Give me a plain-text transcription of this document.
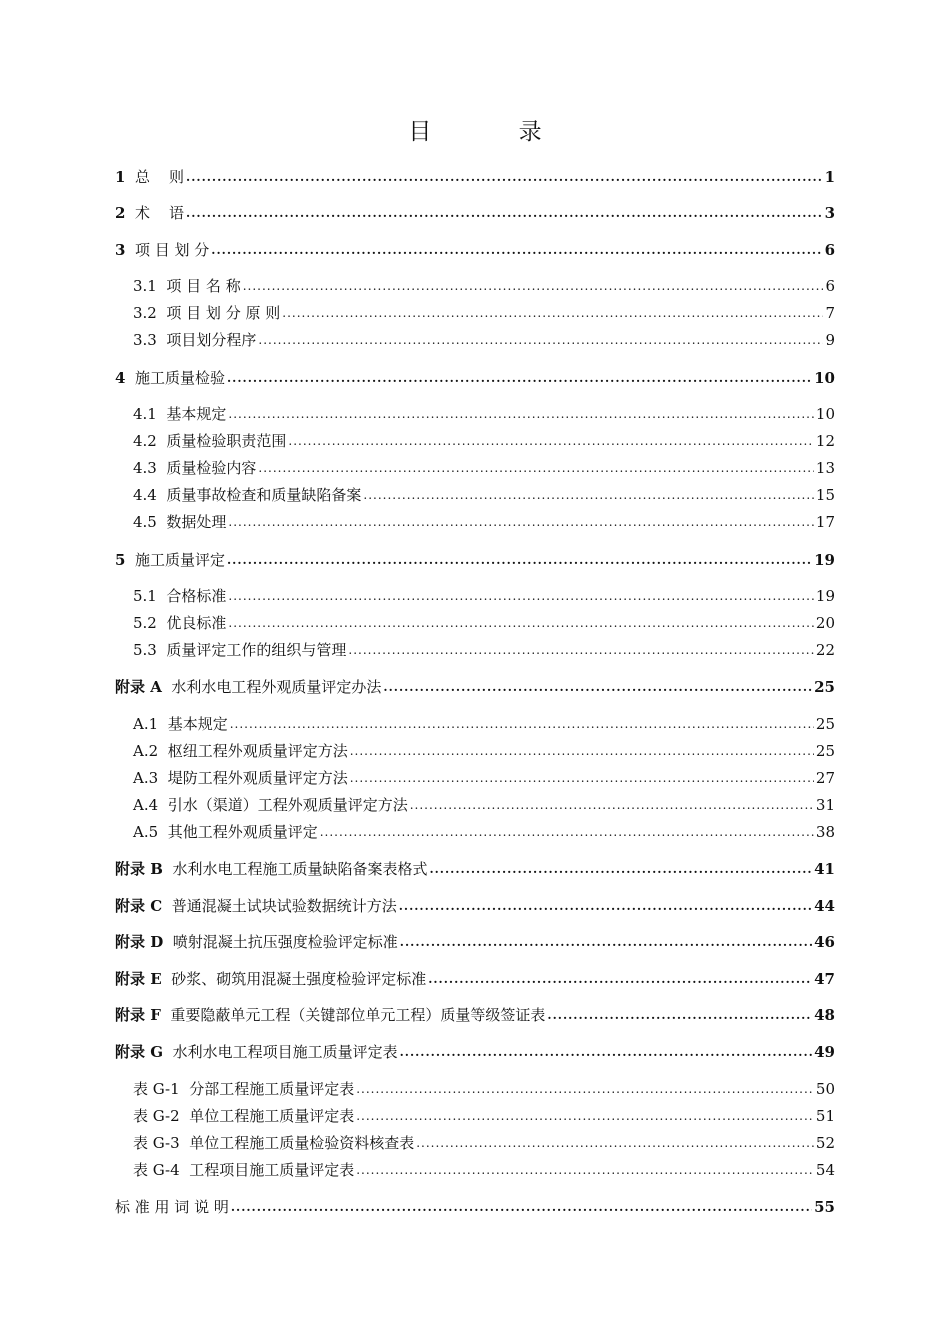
目 录
1 总    则 .....	1
2 术    语 .....	3
3 项 目 划 分 .....	6
3.1 项 目 名 称 .....	6
3.2 项 目 划 分 原 则 .....	7
3.3 项目划分程序 .....	9
4 施工质量检验 .....	10
4.1 基本规定 .....	10
4.2 质量检验职责范围 .....	12
4.3 质量检验内容 .....	13
4.4 质量事故检查和质量缺陷备案 .....	15
4.5 数据处理 .....	17
5 施工质量评定 .....	19
5.1 合格标准 .....	19
5.2 优良标准 .....	20
5.3 质量评定工作的组织与管理 .....	22
附录 A 水利水电工程外观质量评定办法 .....	25
A.1 基本规定 .....	25
A.2 枢纽工程外观质量评定方法 .....	25
A.3 堤防工程外观质量评定方法 .....	27
A.4 引水（渠道）工程外观质量评定方法 .....	31
A.5 其他工程外观质量评定 .....	38
附录 B 水利水电工程施工质量缺陷备案表格式 .....	41
附录 C 普通混凝土试块试验数据统计方法 .....	44
附录 D 喷射混凝土抗压强度检验评定标准 .....	46
附录 E 砂浆、砌筑用混凝土强度检验评定标准 .....	47
附录 F 重要隐蔽单元工程（关键部位单元工程）质量等级签证表 .....	48
附录 G 水利水电工程项目施工质量评定表 .....	49
表 G-1 分部工程施工质量评定表 .....	50
表 G-2 单位工程施工质量评定表 .....	51
表 G-3 单位工程施工质量检验资料核查表 .....	52
表 G-4 工程项目施工质量评定表 .....	54
标 准 用 词 说 明 .....	55
